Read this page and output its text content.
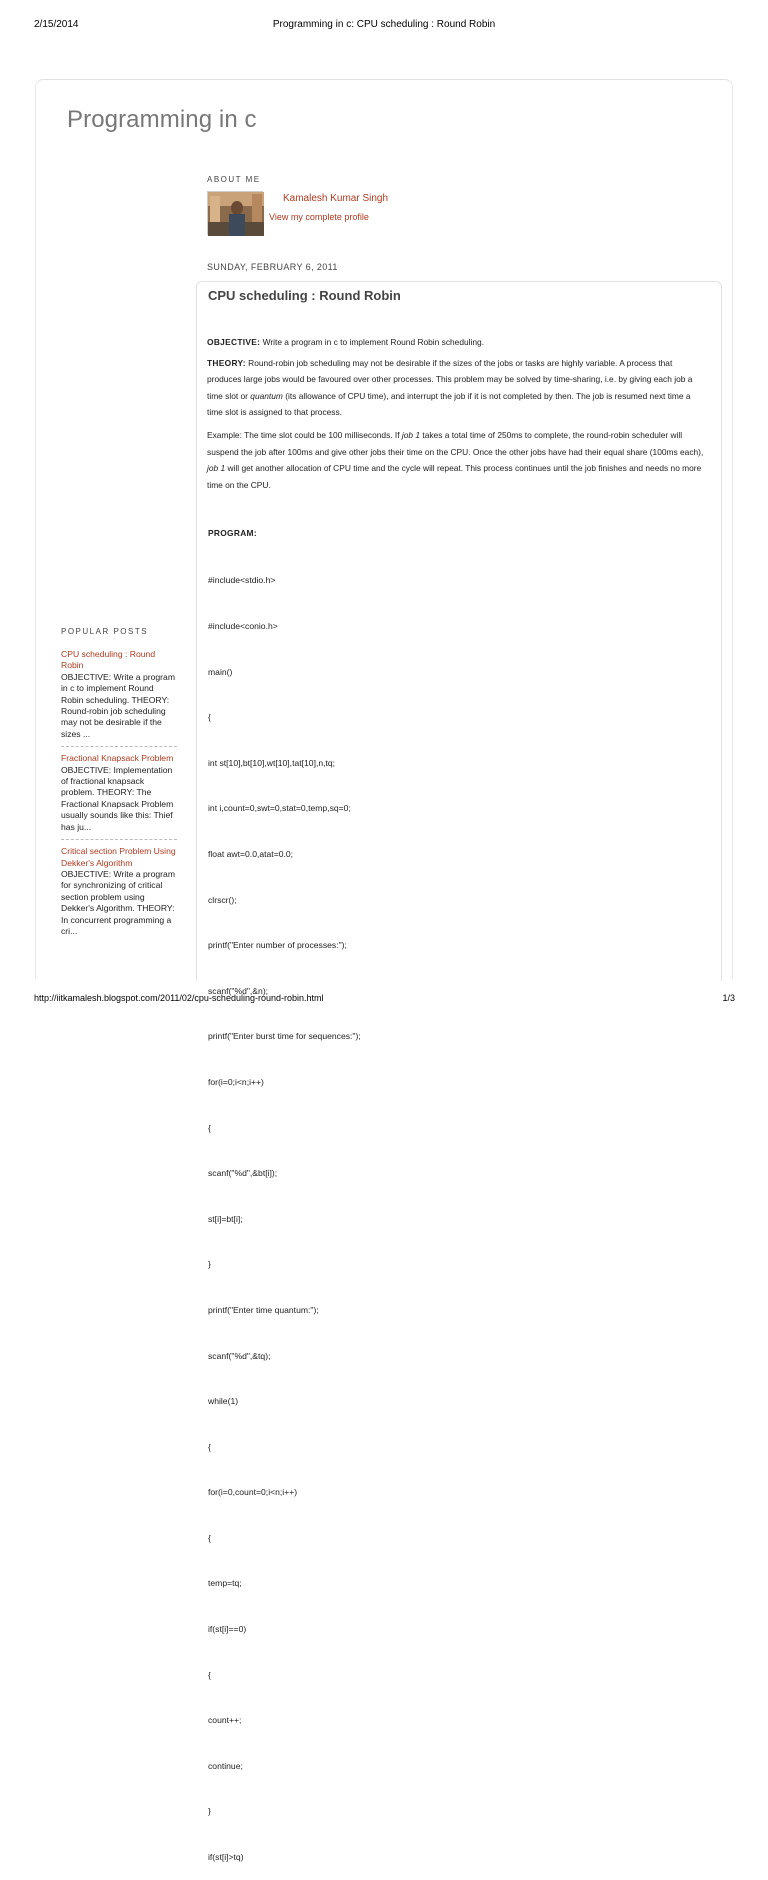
2/15/2014	Programming in c: CPU scheduling : Round Robin
Programming in c
ABOUT ME
Kamalesh Kumar Singh
View my complete profile
SUNDAY, FEBRUARY 6, 2011
CPU scheduling : Round Robin

OBJECTIVE: Write a program in c to implement Round Robin scheduling.

THEORY: Round-robin job scheduling may not be desirable if the sizes of the jobs or tasks are highly variable. A process that produces large jobs would be favoured over other processes. This problem may be solved by time-sharing, i.e. by giving each job a time slot or quantum (its allowance of CPU time), and interrupt the job if it is not completed by then. The job is resumed next time a time slot is assigned to that process.

Example: The time slot could be 100 milliseconds. If job 1 takes a total time of 250ms to complete, the round-robin scheduler will suspend the job after 100ms and give other jobs their time on the CPU. Once the other jobs have had their equal share (100ms each), job 1 will get another allocation of CPU time and the cycle will repeat. This process continues until the job finishes and needs no more time on the CPU.

PROGRAM:

#include<stdio.h>

#include<conio.h>

main()

{

int st[10],bt[10],wt[10],tat[10],n,tq;

int i,count=0,swt=0,stat=0,temp,sq=0;

float awt=0.0,atat=0.0;

clrscr();

printf("Enter number of processes:");

scanf("%d",&n);

printf("Enter burst time for sequences:");

for(i=0;i<n;i++)

{

scanf("%d",&bt[i]);

st[i]=bt[i];

}

printf("Enter time quantum:");

scanf("%d",&tq);

while(1)

{

for(i=0,count=0;i<n;i++)

{

temp=tq;

if(st[i]==0)

{

count++;

continue;

}

if(st[i]>tq)

POPULAR POSTS
CPU scheduling : Round Robin
OBJECTIVE: Write a program in c to implement Round Robin scheduling. THEORY: Round-robin job scheduling may not be desirable if the sizes ...
Fractional Knapsack Problem
OBJECTIVE: Implementation of fractional knapsack problem. THEORY: The Fractional Knapsack Problem usually sounds like this: Thief has ju...
Critical section Problem Using Dekker's Algorithm
OBJECTIVE: Write a program for synchronizing of critical section problem using Dekker's Algorithm. THEORY: In concurrent programming a cri...
http://iitkamalesh.blogspot.com/2011/02/cpu-scheduling-round-robin.html	1/3
